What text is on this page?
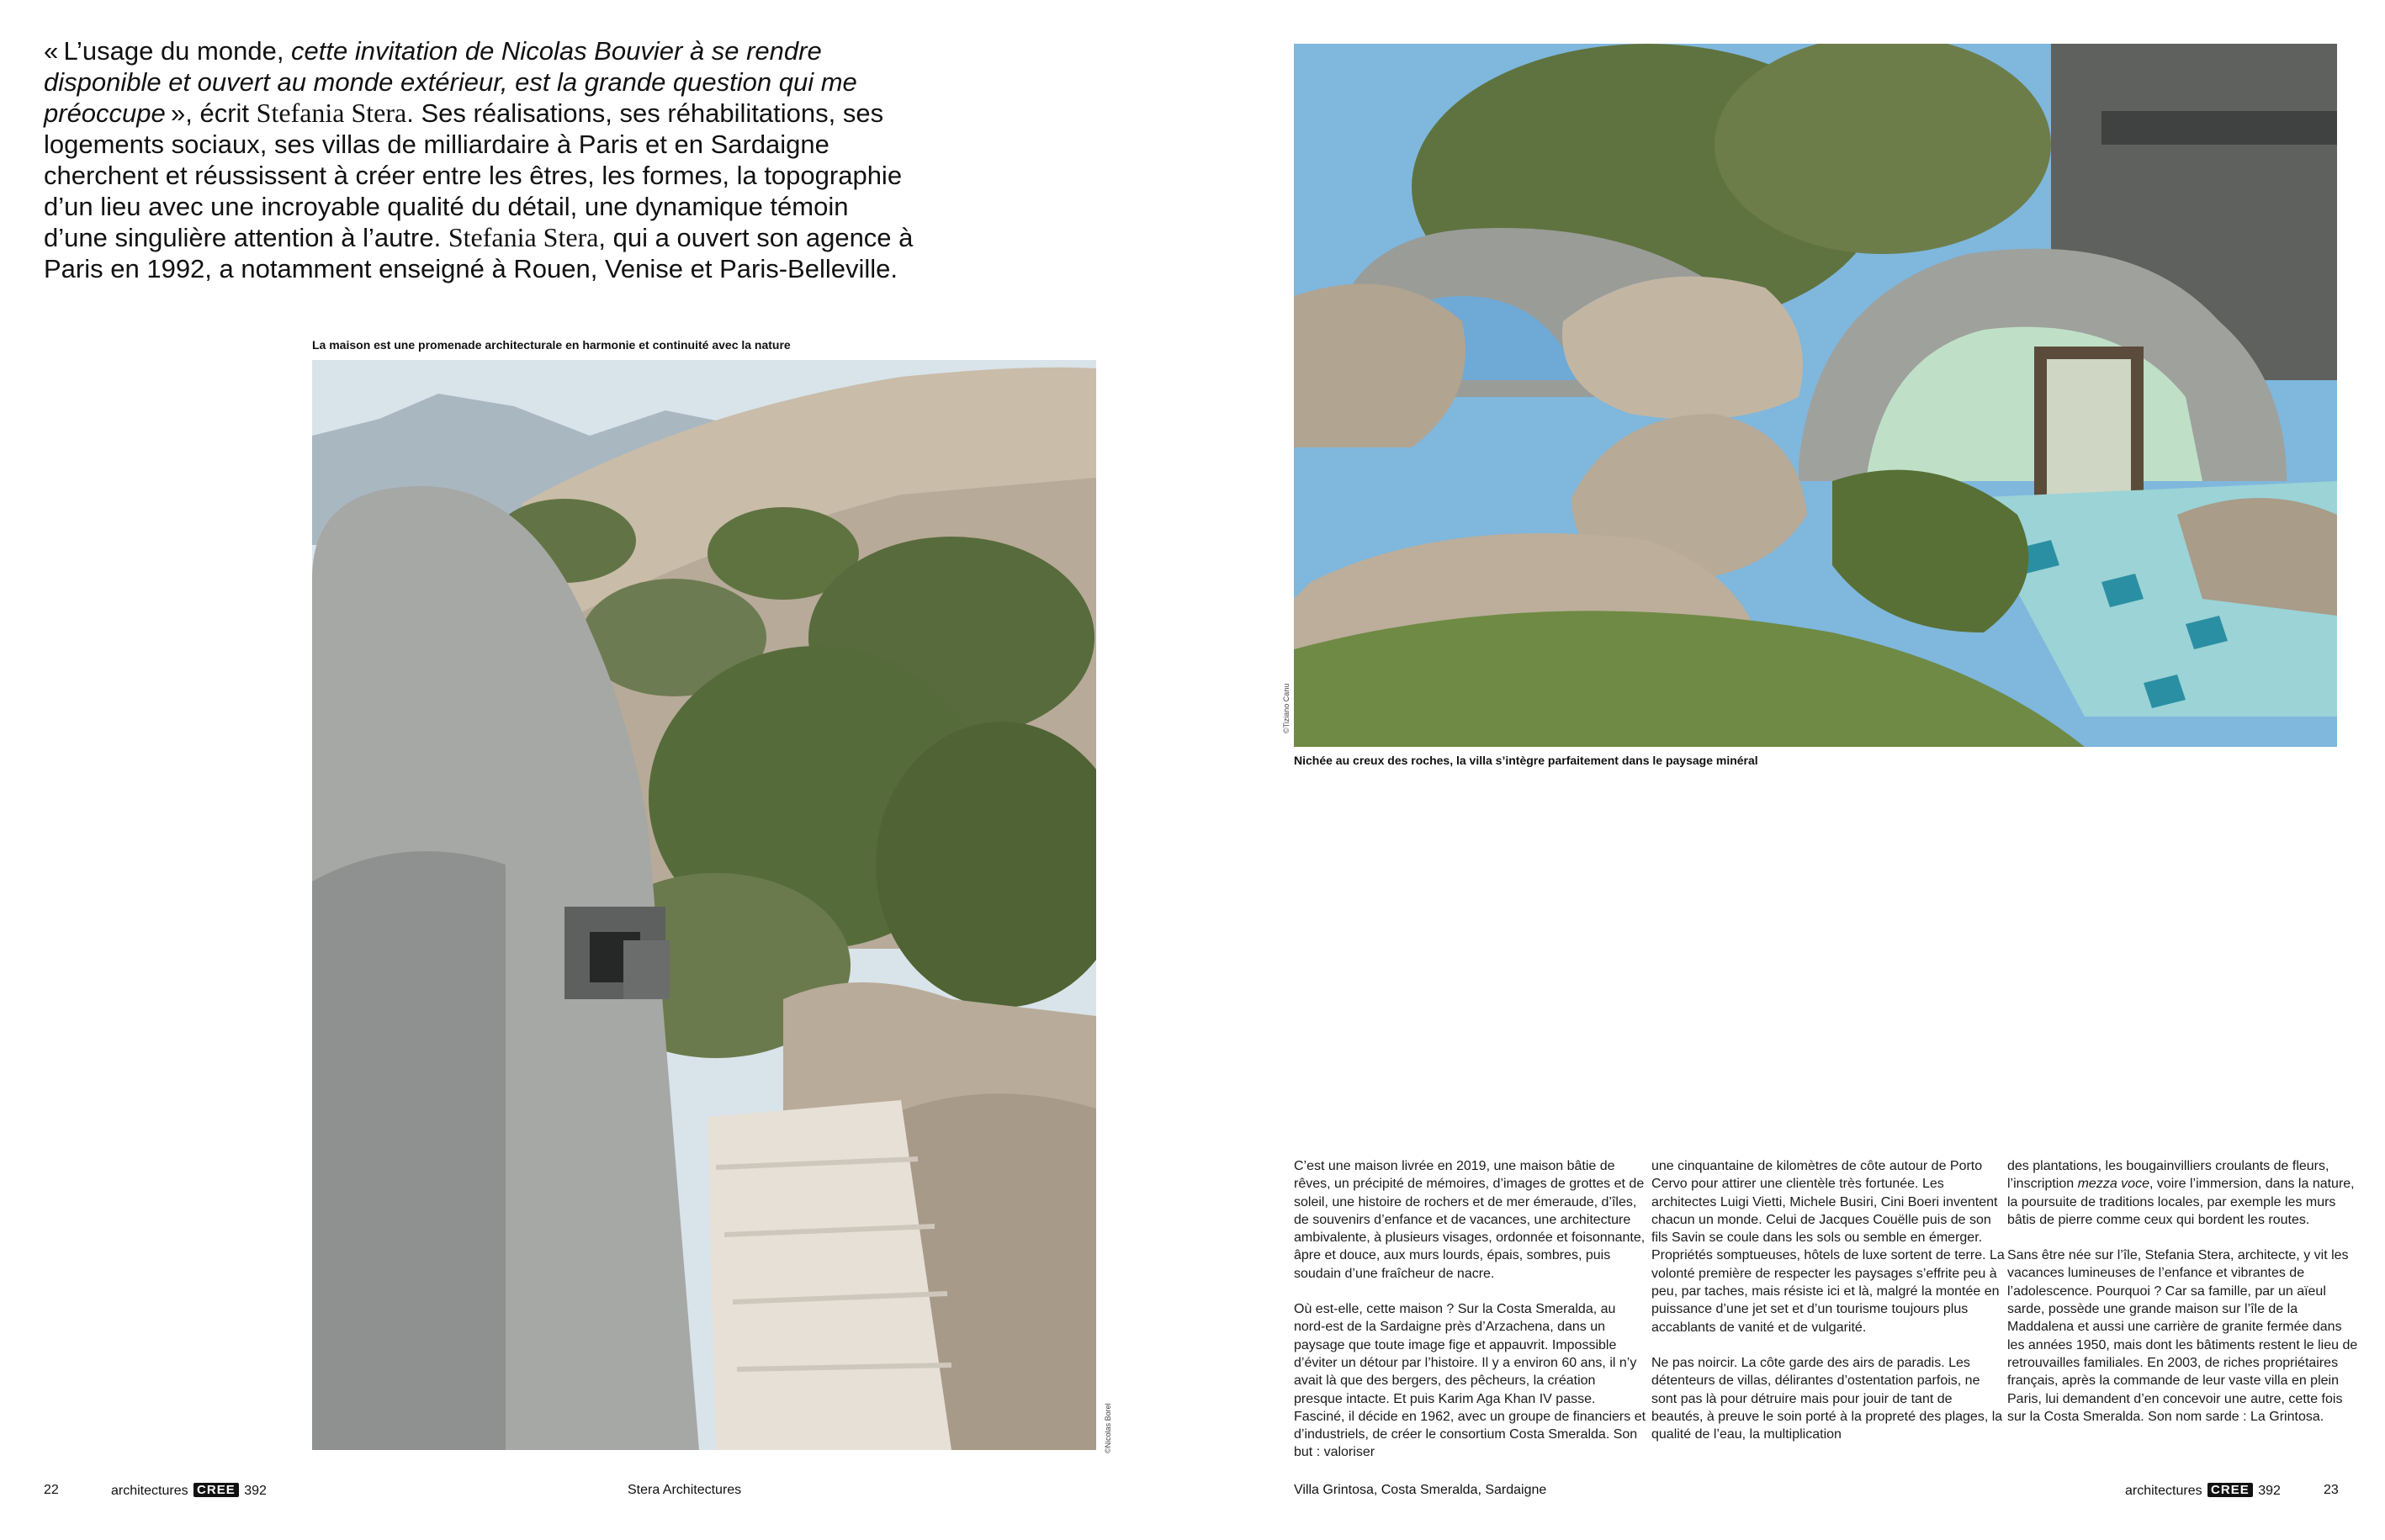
« L’usage du monde, cette invitation de Nicolas Bouvier à se rendre disponible et ouvert au monde extérieur, est la grande question qui me préoccupe », écrit Stefania Stera. Ses réalisations, ses réhabilitations, ses logements sociaux, ses villas de milliardaire à Paris et en Sardaigne cherchent et réussissent à créer entre les êtres, les formes, la topographie d’un lieu avec une incroyable qualité du détail, une dynamique témoin d’une singulière attention à l’autre. Stefania Stera, qui a ouvert son agence à Paris en 1992, a notamment enseigné à Rouen, Venise et Paris-Belleville.
La maison est une promenade architecturale en harmonie et continuité avec la nature
©Nicolas Borel
©Tiziano Canu
Nichée au creux des roches, la villa s’intègre parfaitement dans le paysage minéral

C’est une maison livrée en 2019, une maison bâtie de rêves, un précipité de mémoires, d’images de grottes et de soleil, une histoire de rochers et de mer émeraude, d’îles, de souvenirs d’enfance et de vacances, une architecture ambivalente, à plusieurs visages, ordonnée et foisonnante, âpre et douce, aux murs lourds, épais, sombres, puis soudain d’une fraîcheur de nacre.

Où est-elle, cette maison ? Sur la Costa Smeralda, au nord-est de la Sardaigne près d’Arzachena, dans un paysage que toute image fige et appauvrit. Impossible d’éviter un détour par l’histoire. Il y a environ 60 ans, il n’y avait là que des bergers, des pêcheurs, la création presque intacte. Et puis Karim Aga Khan IV passe. Fasciné, il décide en 1962, avec un groupe de financiers et d’industriels, de créer le consortium Costa Smeralda. Son but : valoriser

une cinquantaine de kilomètres de côte autour de Porto Cervo pour attirer une clientèle très fortunée. Les architectes Luigi Vietti, Michele Busiri, Cini Boeri inventent chacun un monde. Celui de Jacques Couëlle puis de son fils Savin se coule dans les sols ou semble en émerger. Propriétés somptueuses, hôtels de luxe sortent de terre. La volonté première de respecter les paysages s’effrite peu à peu, par taches, mais résiste ici et là, malgré la montée en puissance d’une jet set et d’un tourisme toujours plus accablants de vanité et de vulgarité.

Ne pas noircir. La côte garde des airs de paradis. Les détenteurs de villas, délirantes d’ostentation parfois, ne sont pas là pour détruire mais pour jouir de tant de beautés, à preuve le soin porté à la propreté des plages, la qualité de l’eau, la multiplication

des plantations, les bougainvilliers croulants de fleurs, l’inscription mezza voce, voire l’immersion, dans la nature, la poursuite de traditions locales, par exemple les murs bâtis de pierre comme ceux qui bordent les routes.

Sans être née sur l’île, Stefania Stera, architecte, y vit les vacances lumineuses de l’enfance et vibrantes de l’adolescence. Pourquoi ? Car sa famille, par un aïeul sarde, possède une grande maison sur l’île de la Maddalena et aussi une carrière de granite fermée dans les années 1950, mais dont les bâtiments restent le lieu de retrouvailles familiales. En 2003, de riches propriétaires français, après la commande de leur vaste villa en plein Paris, lui demandent d’en concevoir une autre, cette fois sur la Costa Smeralda. Son nom sarde : La Grintosa.

22	architectures CREE 392	Stera Architectures	Villa Grintosa, Costa Smeralda, Sardaigne	architectures CREE 392	23
